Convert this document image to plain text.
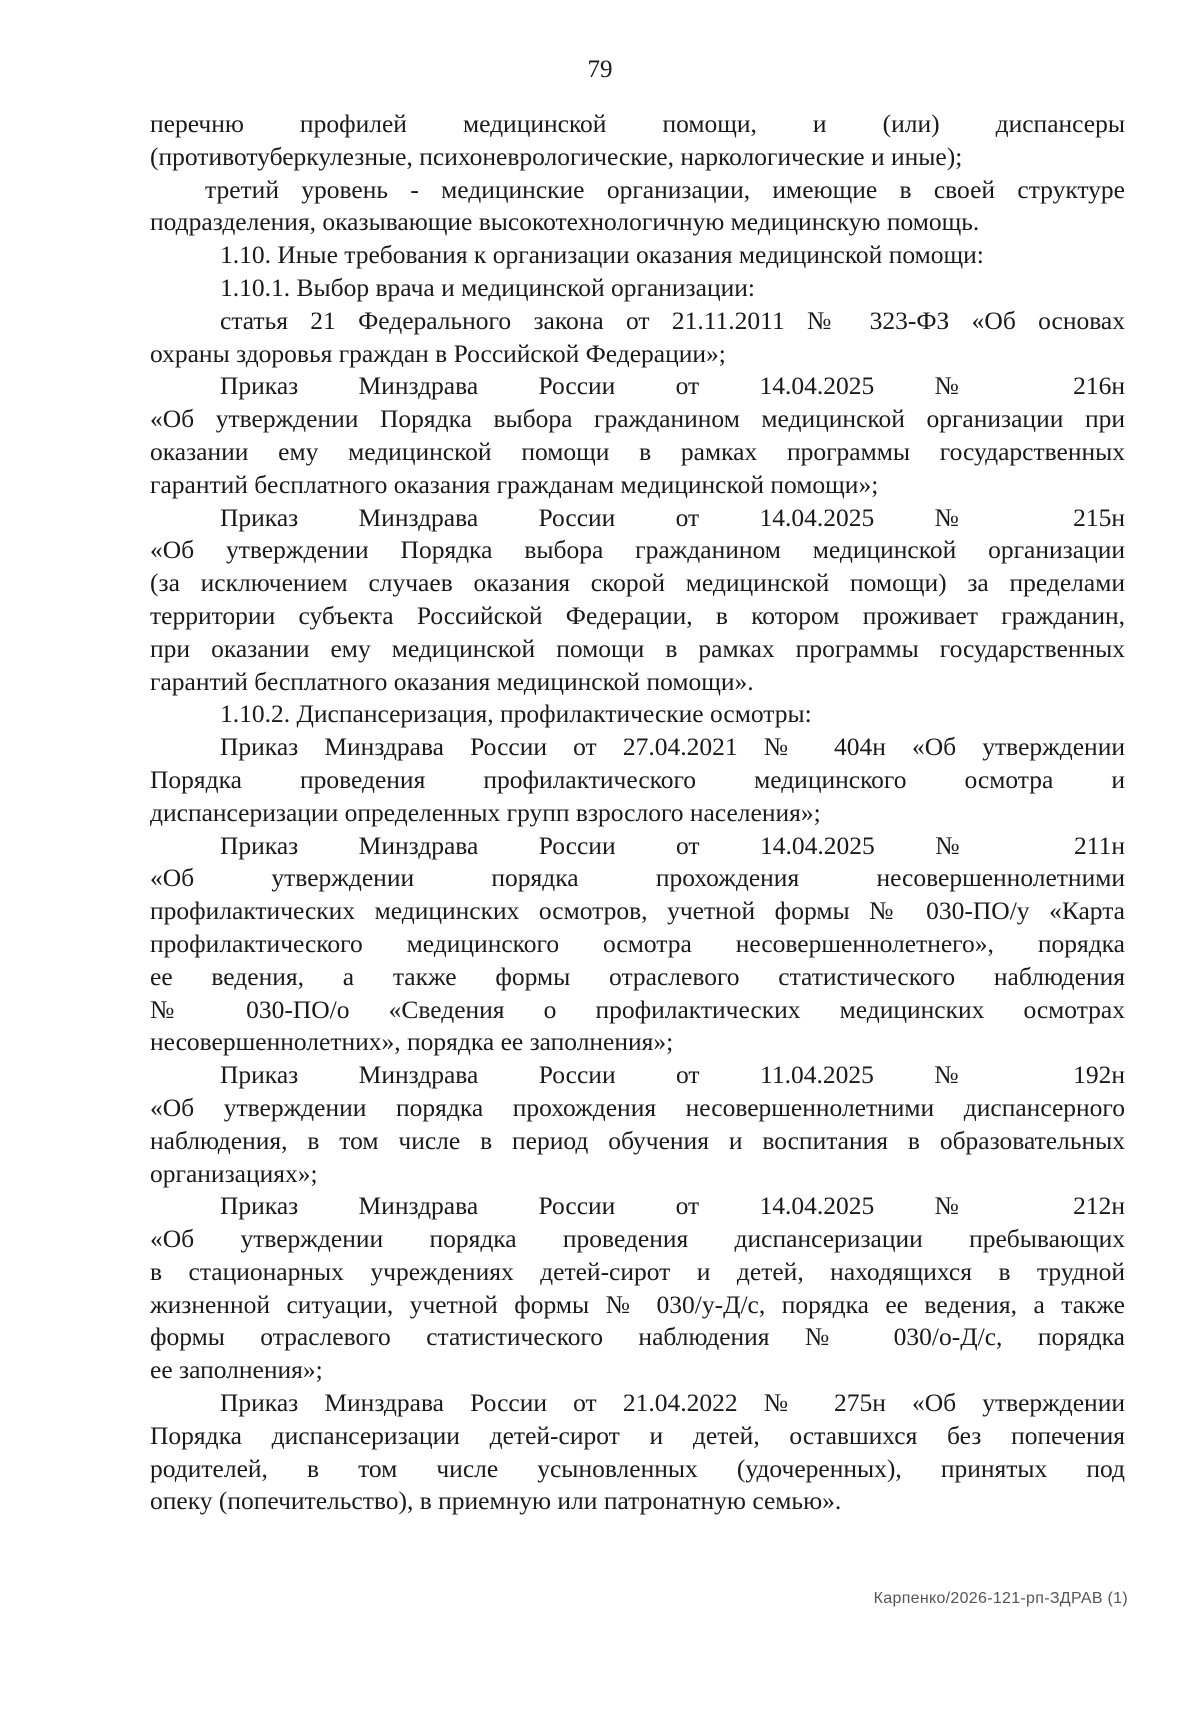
79
перечню профилей медицинской помощи, и (или) диспансеры
(противотуберкулезные, психоневрологические, наркологические и иные);
третий уровень - медицинские организации, имеющие в своей структуре
подразделения, оказывающие высокотехнологичную медицинскую помощь.
1.10. Иные требования к организации оказания медицинской помощи:
1.10.1. Выбор врача и медицинской организации:
статья 21 Федерального закона от 21.11.2011 № 323-ФЗ «Об основах
охраны здоровья граждан в Российской Федерации»;
Приказ Минздрава России от 14.04.2025 № 216н
«Об утверждении Порядка выбора гражданином медицинской организации при
оказании ему медицинской помощи в рамках программы государственных
гарантий бесплатного оказания гражданам медицинской помощи»;
Приказ Минздрава России от 14.04.2025 № 215н
«Об утверждении Порядка выбора гражданином медицинской организации
(за исключением случаев оказания скорой медицинской помощи) за пределами
территории субъекта Российской Федерации, в котором проживает гражданин,
при оказании ему медицинской помощи в рамках программы государственных
гарантий бесплатного оказания медицинской помощи».
1.10.2. Диспансеризация, профилактические осмотры:
Приказ Минздрава России от 27.04.2021 № 404н «Об утверждении
Порядка проведения профилактического медицинского осмотра и
диспансеризации определенных групп взрослого населения»;
Приказ Минздрава России от 14.04.2025 № 211н
«Об утверждении порядка прохождения несовершеннолетними
профилактических медицинских осмотров, учетной формы № 030-ПО/у «Карта
профилактического медицинского осмотра несовершеннолетнего», порядка
ее ведения, а также формы отраслевого статистического наблюдения
№ 030-ПО/о «Сведения о профилактических медицинских осмотрах
несовершеннолетних», порядка ее заполнения»;
Приказ Минздрава России от 11.04.2025 № 192н
«Об утверждении порядка прохождения несовершеннолетними диспансерного
наблюдения, в том числе в период обучения и воспитания в образовательных
организациях»;
Приказ Минздрава России от 14.04.2025 № 212н
«Об утверждении порядка проведения диспансеризации пребывающих
в стационарных учреждениях детей-сирот и детей, находящихся в трудной
жизненной ситуации, учетной формы № 030/у-Д/с, порядка ее ведения, а также
формы отраслевого статистического наблюдения № 030/о-Д/с, порядка
ее заполнения»;
Приказ Минздрава России от 21.04.2022 № 275н «Об утверждении
Порядка диспансеризации детей-сирот и детей, оставшихся без попечения
родителей, в том числе усыновленных (удочеренных), принятых под
опеку (попечительство), в приемную или патронатную семью».
Карпенко/2026-121-рп-ЗДРАВ (1)
